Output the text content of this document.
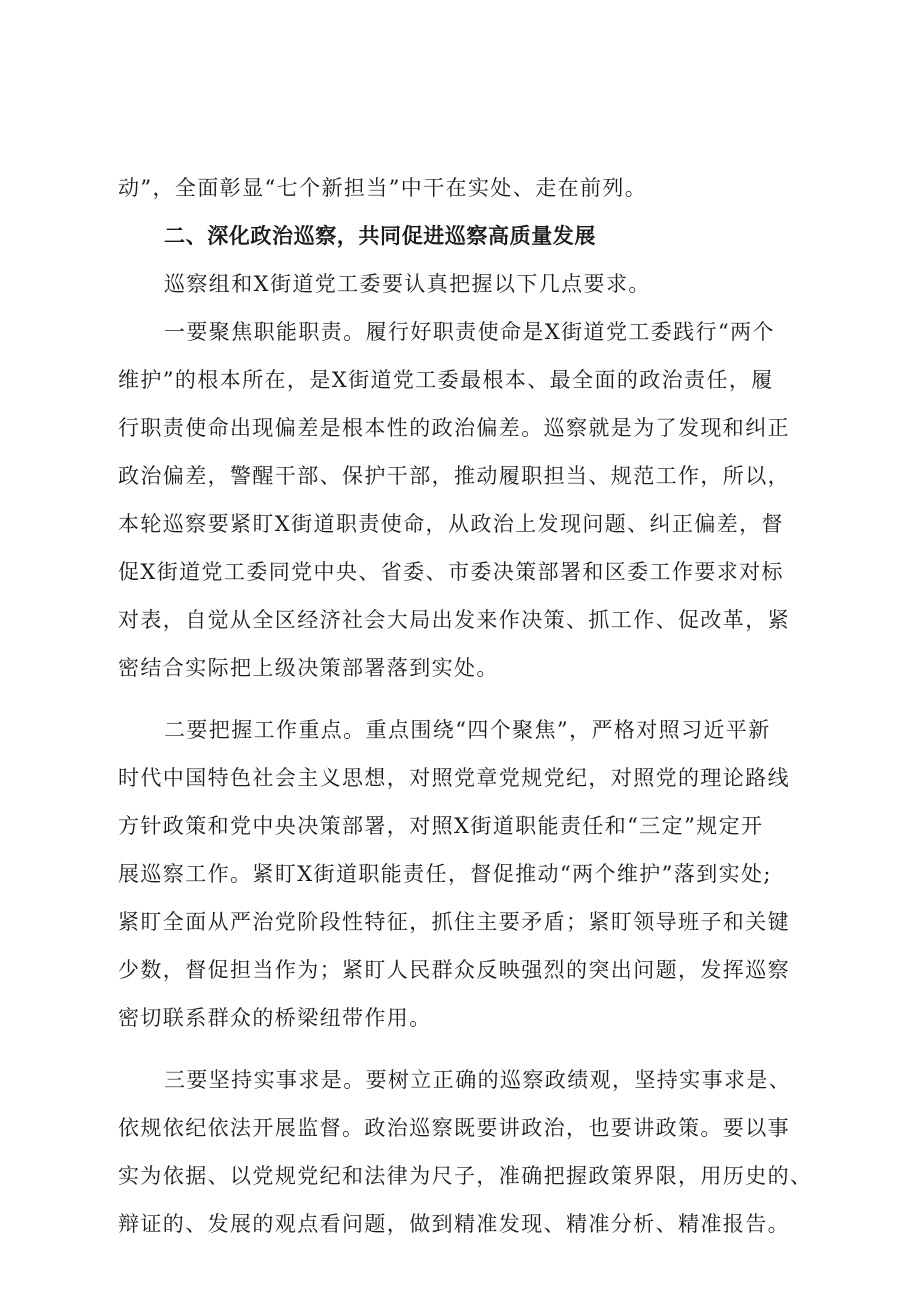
动”，全面彰显“七个新担当”中干在实处、走在前列。
二、深化政治巡察，共同促进巡察高质量发展
巡察组和X街道党工委要认真把握以下几点要求。
一要聚焦职能职责。履行好职责使命是X街道党工委践行“两个
维护”的根本所在，是X街道党工委最根本、最全面的政治责任，履
行职责使命出现偏差是根本性的政治偏差。巡察就是为了发现和纠正
政治偏差，警醒干部、保护干部，推动履职担当、规范工作，所以，
本轮巡察要紧盯X街道职责使命，从政治上发现问题、纠正偏差，督
促X街道党工委同党中央、省委、市委决策部署和区委工作要求对标
对表，自觉从全区经济社会大局出发来作决策、抓工作、促改革，紧
密结合实际把上级决策部署落到实处。
二要把握工作重点。重点围绕“四个聚焦”，严格对照习近平新
时代中国特色社会主义思想，对照党章党规党纪，对照党的理论路线
方针政策和党中央决策部署，对照X街道职能责任和“三定”规定开
展巡察工作。紧盯X街道职能责任，督促推动“两个维护”落到实处;
紧盯全面从严治党阶段性特征，抓住主要矛盾；紧盯领导班子和关键
少数，督促担当作为；紧盯人民群众反映强烈的突出问题，发挥巡察
密切联系群众的桥梁纽带作用。
三要坚持实事求是。要树立正确的巡察政绩观，坚持实事求是、
依规依纪依法开展监督。政治巡察既要讲政治，也要讲政策。要以事
实为依据、以党规党纪和法律为尺子，准确把握政策界限，用历史的、
辩证的、发展的观点看问题，做到精准发现、精准分析、精准报告。
